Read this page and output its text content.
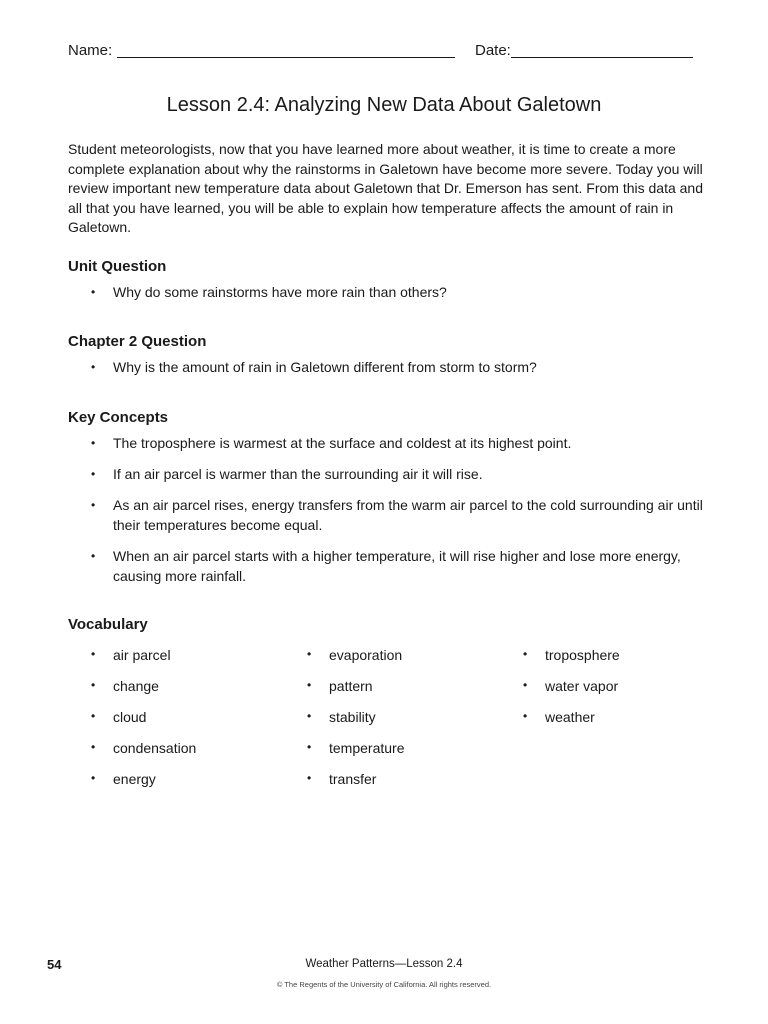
Name:	Date:
Lesson 2.4: Analyzing New Data About Galetown

Student meteorologists, now that you have learned more about weather, it is time to create a more complete explanation about why the rainstorms in Galetown have become more severe. Today you will review important new temperature data about Galetown that Dr. Emerson has sent. From this data and all that you have learned, you will be able to explain how temperature affects the amount of rain in Galetown.

Unit Question
• Why do some rainstorms have more rain than others?
Chapter 2 Question
• Why is the amount of rain in Galetown different from storm to storm?
Key Concepts
• The troposphere is warmest at the surface and coldest at its highest point.
• If an air parcel is warmer than the surrounding air it will rise.
• As an air parcel rises, energy transfers from the warm air parcel to the cold surrounding air until their temperatures become equal.
• When an air parcel starts with a higher temperature, it will rise higher and lose more energy, causing more rainfall.
Vocabulary
• air parcel
• change
• cloud
• condensation
• energy
• evaporation
• pattern
• stability
• temperature
• transfer
• troposphere
• water vapor
• weather
54	Weather Patterns—Lesson 2.4
© The Regents of the University of California. All rights reserved.
